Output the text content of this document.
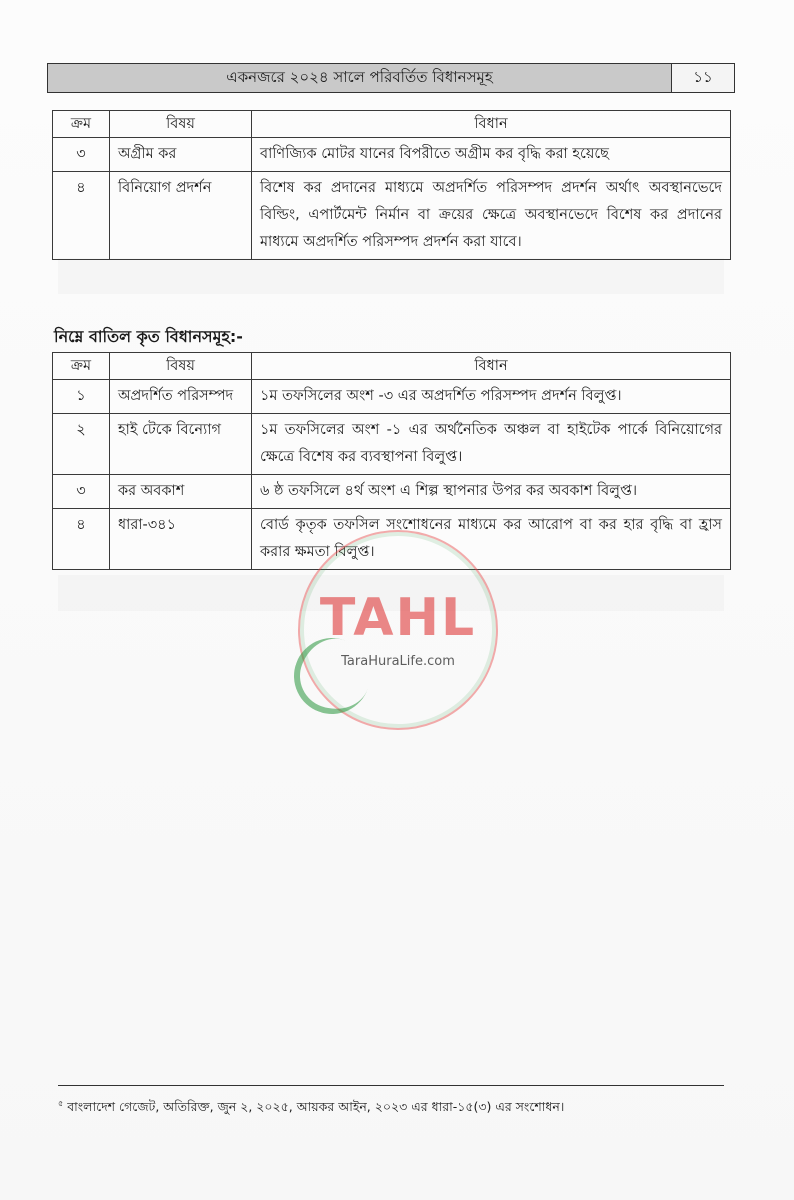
একনজরে ২০২৪ সালে পরিবর্তিত বিধানসমূহ	১১
ক্রম	বিষয়	বিধান
৩	অগ্রীম কর	বাণিজ্যিক মোটর যানের বিপরীতে অগ্রীম কর বৃদ্ধি করা হয়েছে
৪	বিনিয়োগ প্রদর্শন	বিশেষ কর প্রদানের মাধ্যমে অপ্রদর্শিত পরিসম্পদ প্রদর্শন অর্থাৎ অবস্থানভেদে বিল্ডিং, এপার্টমেন্ট নির্মান বা ক্রয়ের ক্ষেত্রে অবস্থানভেদে বিশেষ কর প্রদানের মাধ্যমে অপ্রদর্শিত পরিসম্পদ প্রদর্শন করা যাবে।
নিম্নে বাতিল কৃত বিধানসমূহ:-
ক্রম	বিষয়	বিধান
১	অপ্রদর্শিত পরিসম্পদ	১ম তফসিলের অংশ -৩ এর অপ্রদর্শিত পরিসম্পদ প্রদর্শন বিলুপ্ত।
২	হাই টেকে বিন্যোগ	১ম তফসিলের অংশ -১ এর অর্থনৈতিক অঞ্চল বা হাইটেক পার্কে বিনিয়োগের ক্ষেত্রে বিশেষ কর ব্যবস্থাপনা বিলুপ্ত।
৩	কর অবকাশ	৬ ষ্ঠ তফসিলে ৪র্থ অংশ এ শিল্প স্থাপনার উপর কর অবকাশ বিলুপ্ত।
৪	ধারা-৩৪১	বোর্ড কৃতৃক তফসিল সংশোধনের মাধ্যমে কর আরোপ বা কর হার বৃদ্ধি বা হ্রাস করার ক্ষমতা বিলুপ্ত।
TAHL
TaraHuraLife.com
$^৫$ বাংলাদেশ গেজেট, অতিরিক্ত, জুন ২, ২০২৫, আয়কর আইন, ২০২৩ এর ধারা-১৫(৩) এর সংশোধন।
